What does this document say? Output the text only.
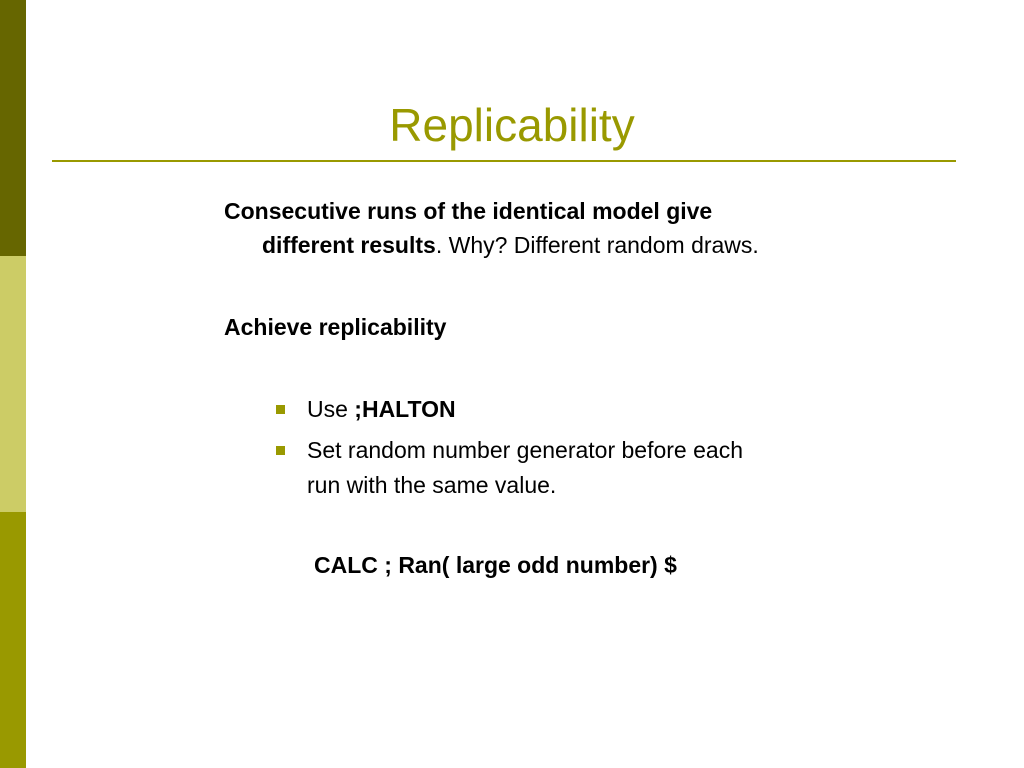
Replicability
Consecutive runs of the identical model give
different results. Why? Different random draws.
Achieve replicability
Use ;HALTON
Set random number generator before each
run with the same value.
CALC ; Ran( large odd number) $
